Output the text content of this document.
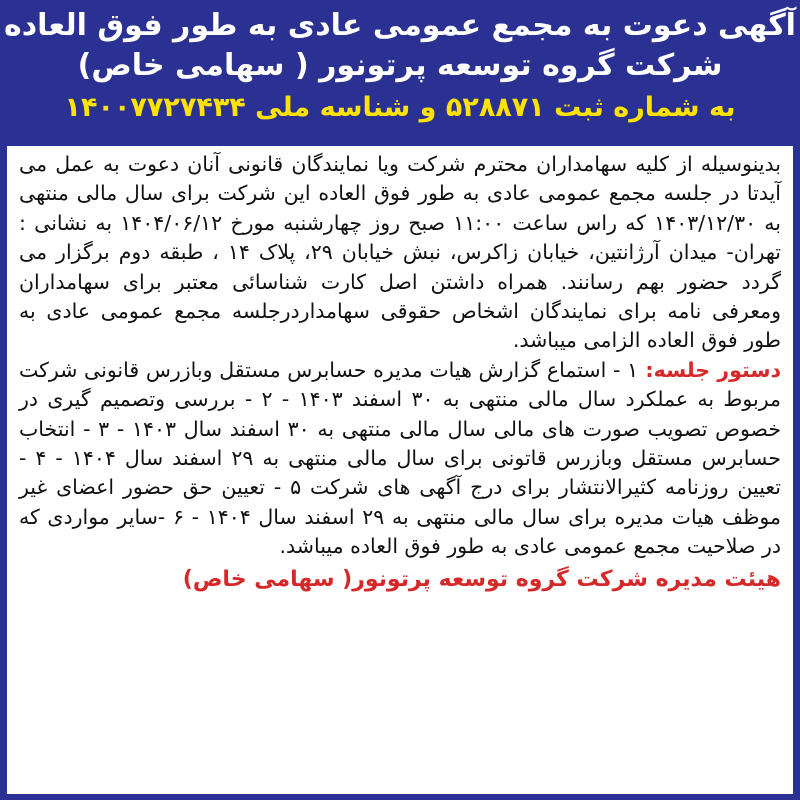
آگهی دعوت به مجمع عمومی عادی به طور فوق العاده

شرکت گروه توسعه پرتونور ( سهامی خاص)

به شماره ثبت ۵۲۸۸۷۱ و شناسه ملی ۱۴۰۰۷۷۲۷۴۳۴

بدینوسیله از کلیه سهامداران محترم شرکت ویا نمایندگان قانونی آنان دعوت به عمل می آیدتا در جلسه مجمع عمومی عادی به طور فوق العاده این شرکت برای سال مالی منتهی به ۱۴۰۳/۱۲/۳۰ که راس ساعت ۱۱:۰۰ صبح روز چهارشنبه مورخ ۱۴۰۴/۰۶/۱۲ به نشانی : تهران- میدان آرژانتین، خیابان زاکرس، نبش خیابان ۲۹، پلاک ۱۴ ، طبقه دوم برگزار می گردد حضور بهم رسانند. همراه داشتن اصل کارت شناسائی معتبر برای سهامداران ومعرفی نامه برای نمایندگان اشخاص حقوقی سهامداردرجلسه مجمع عمومی عادی به طور فوق العاده الزامی میباشد.

دستور جلسه: ۱ - استماع گزارش هیات مدیره حسابرس مستقل وبازرس قانونی شرکت مربوط به عملکرد سال مالی منتهی به ۳۰ اسفند ۱۴۰۳ - ۲ - بررسی وتصمیم گیری در خصوص تصویب صورت های مالی سال مالی منتهی به ۳۰ اسفند سال ۱۴۰۳ - ۳ - انتخاب حسابرس مستقل وبازرس قاتونی برای سال مالی منتهی به ۲۹ اسفند سال ۱۴۰۴ - ۴ - تعیین روزنامه کثیرالانتشار برای درج آگهی های شرکت ۵ - تعیین حق حضور اعضای غیر موظف هیات مدیره برای سال مالی منتهی به ۲۹ اسفند سال ۱۴۰۴ - ۶ -سایر مواردی که در صلاحیت مجمع عمومی عادی به طور فوق العاده میباشد.

هیئت مدیره شرکت گروه توسعه پرتونور( سهامی خاص)
